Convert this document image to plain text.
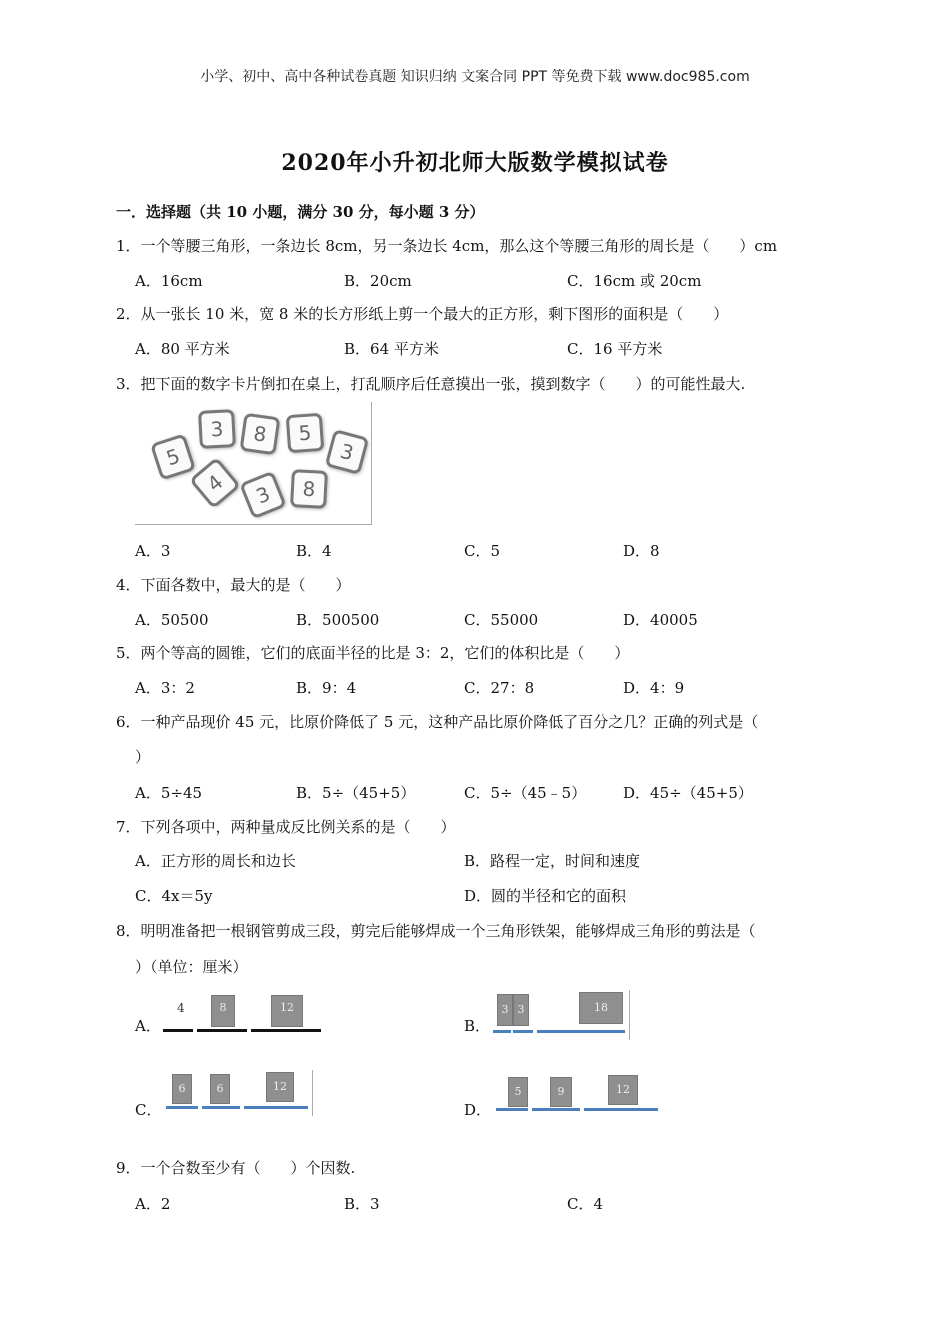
小学、初中、高中各种试卷真题 知识归纳 文案合同 PPT 等免费下载 www.doc985.com
2020年小升初北师大版数学模拟试卷
一．选择题（共 10 小题，满分 30 分，每小题 3 分）
1．一个等腰三角形，一条边长 8cm，另一条边长 4cm，那么这个等腰三角形的周长是（　　）cm
A．16cm	B．20cm	C．16cm 或 20cm
2．从一张长 10 米，宽 8 米的长方形纸上剪一个最大的正方形，剩下图形的面积是（　　）
A．80 平方米	B．64 平方米	C．16 平方米
3．把下面的数字卡片倒扣在桌上，打乱顺序后任意摸出一张，摸到数字（　　）的可能性最大.
5
3	8	5
3
4	3	8
A．3	B．4	C．5	D．8
4．下面各数中，最大的是（　　）
A．50500	B．500500	C．55000	D．40005
5．两个等高的圆锥，它们的底面半径的比是 3：2，它们的体积比是（　　）
A．3：2	B．9：4	C．27：8	D．4：9
6．一种产品现价 45 元，比原价降低了 5 元，这种产品比原价降低了百分之几？正确的列式是（
）
A．5÷45	B．5÷（45+5）	C．5÷（45﹣5） D．45÷（45+5）
7．下列各项中，两种量成反比例关系的是（　　）
A．正方形的周长和边长	B．路程一定，时间和速度
C．4x＝5y	D．圆的半径和它的面积
8．明明准备把一根钢管剪成三段，剪完后能够焊成一个三角形铁架，能够焊成三角形的剪法是（
）（单位：厘米）
A．
4	8	12
B．
3 3	18
C．
6	6	12
D．
5	9	12
9．一个合数至少有（　　）个因数.
A．2	B．3	C．4
